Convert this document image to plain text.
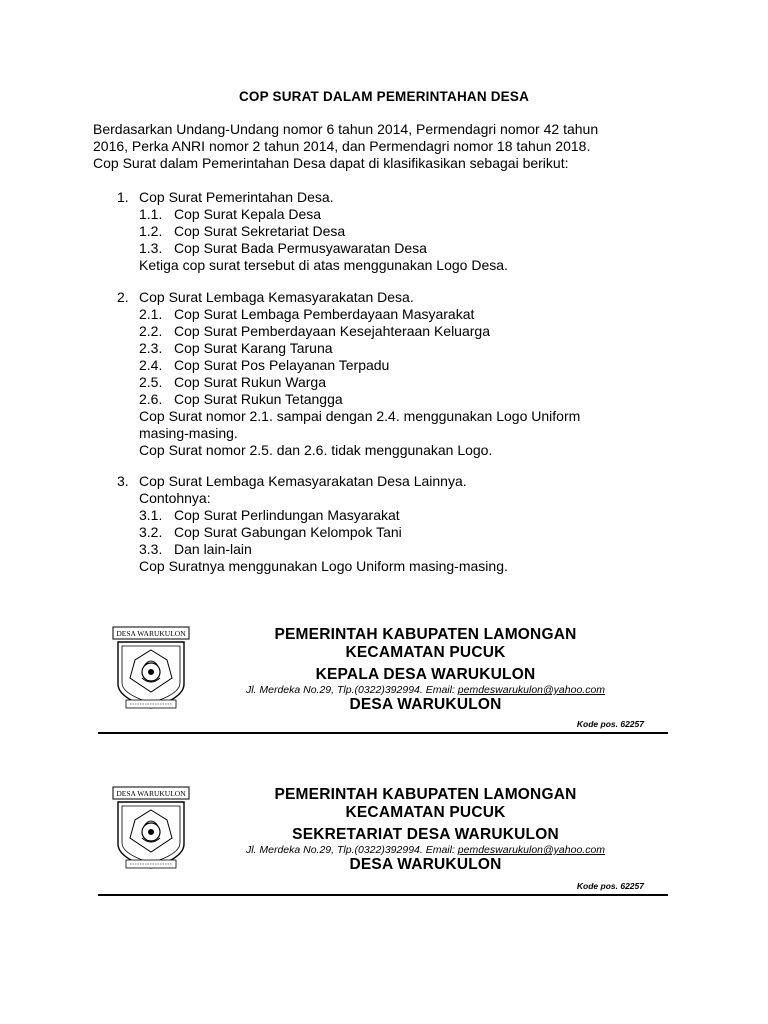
COP SURAT DALAM PEMERINTAHAN DESA
Berdasarkan Undang-Undang nomor 6 tahun 2014, Permendagri nomor 42 tahun
2016, Perka ANRI nomor 2 tahun 2014, dan Permendagri nomor 18 tahun 2018.
Cop Surat dalam Pemerintahan Desa dapat di klasifikasikan sebagai berikut:
1. Cop Surat Pemerintahan Desa.
1.1. Cop Surat Kepala Desa
1.2. Cop Surat Sekretariat Desa
1.3. Cop Surat Bada Permusyawaratan Desa
Ketiga cop surat tersebut di atas menggunakan Logo Desa.
2. Cop Surat Lembaga Kemasyarakatan Desa.
2.1. Cop Surat Lembaga Pemberdayaan Masyarakat
2.2. Cop Surat Pemberdayaan Kesejahteraan Keluarga
2.3. Cop Surat Karang Taruna
2.4. Cop Surat Pos Pelayanan Terpadu
2.5. Cop Surat Rukun Warga
2.6. Cop Surat Rukun Tetangga
Cop Surat nomor 2.1. sampai dengan 2.4. menggunakan Logo Uniform
masing-masing.
Cop Surat nomor 2.5. dan 2.6. tidak menggunakan Logo.
3. Cop Surat Lembaga Kemasyarakatan Desa Lainnya.
Contohnya:
3.1. Cop Surat Perlindungan Masyarakat
3.2. Cop Surat Gabungan Kelompok Tani
3.3. Dan lain-lain
Cop Suratnya menggunakan Logo Uniform masing-masing.
DESA WARUKULON	PEMERINTAH KABUPATEN LAMONGAN
KECAMATAN PUCUK
KEPALA DESA WARUKULON
Jl. Merdeka No.29, Tlp.(0322)392994. Email: pemdeswarukulon@yahoo.com
DESA WARUKULON
Kode pos. 62257
DESA WARUKULON	PEMERINTAH KABUPATEN LAMONGAN
KECAMATAN PUCUK
SEKRETARIAT DESA WARUKULON
Jl. Merdeka No.29, Tlp.(0322)392994. Email: pemdeswarukulon@yahoo.com
DESA WARUKULON
Kode pos. 62257
